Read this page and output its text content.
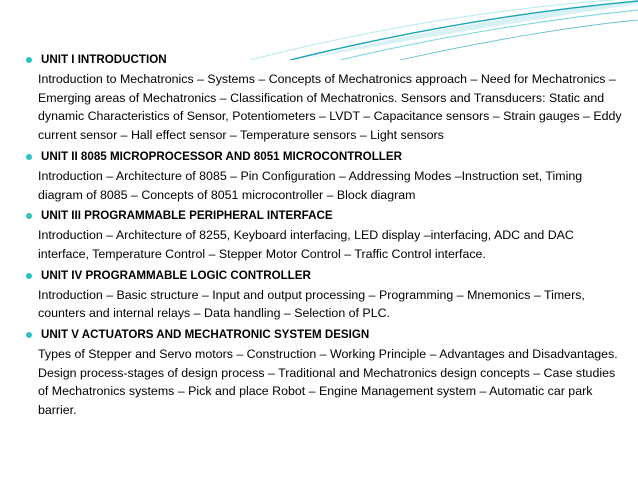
UNIT I INTRODUCTION
Introduction to Mechatronics – Systems – Concepts of Mechatronics approach – Need for Mechatronics – Emerging areas of Mechatronics – Classification of Mechatronics. Sensors and Transducers: Static and dynamic Characteristics of Sensor, Potentiometers – LVDT – Capacitance sensors – Strain gauges – Eddy current sensor – Hall effect sensor – Temperature sensors – Light sensors
UNIT II 8085 MICROPROCESSOR AND 8051 MICROCONTROLLER
Introduction – Architecture of 8085 – Pin Configuration – Addressing Modes –Instruction set, Timing diagram of 8085 – Concepts of 8051 microcontroller – Block diagram
UNIT III PROGRAMMABLE PERIPHERAL INTERFACE
Introduction – Architecture of 8255, Keyboard interfacing, LED display –interfacing, ADC and DAC interface, Temperature Control – Stepper Motor Control – Traffic Control interface.
UNIT IV PROGRAMMABLE LOGIC CONTROLLER
Introduction – Basic structure – Input and output processing – Programming – Mnemonics – Timers, counters and internal relays – Data handling – Selection of PLC.
UNIT V ACTUATORS AND MECHATRONIC SYSTEM DESIGN
Types of Stepper and Servo motors – Construction – Working Principle – Advantages and Disadvantages. Design process-stages of design process – Traditional and Mechatronics design concepts – Case studies of Mechatronics systems – Pick and place Robot – Engine Management system – Automatic car park barrier.
